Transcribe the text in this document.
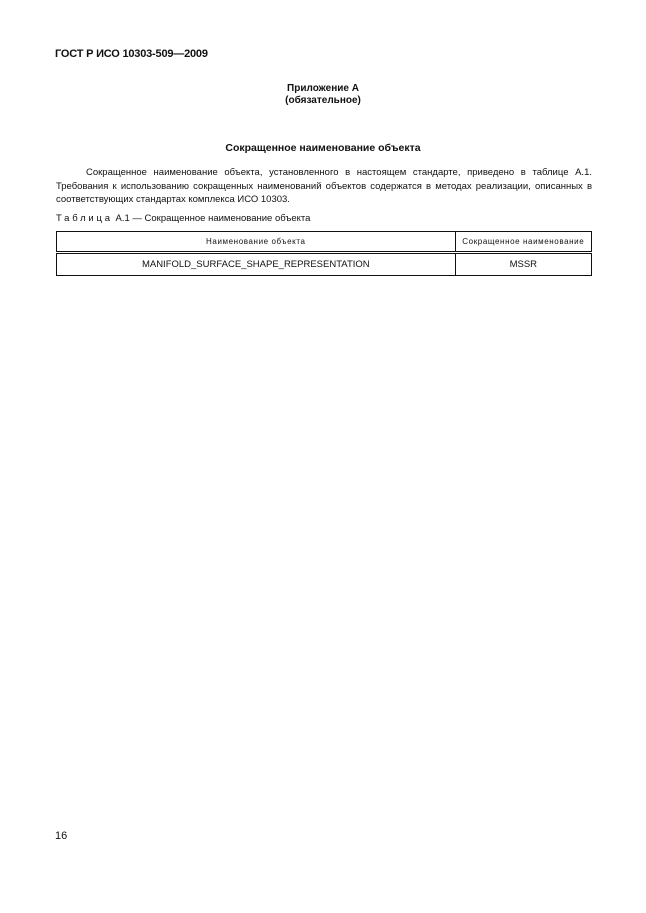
ГОСТ Р ИСО 10303-509—2009
Приложение А
(обязательное)
Сокращенное наименование объекта
Сокращенное наименование объекта, установленного в настоящем стандарте, приведено в таблице А.1. Требования к использованию сокращенных наименований объектов содержатся в методах реализации, описанных в соответствующих стандартах комплекса ИСО 10303.
Таблица А.1 — Сокращенное наименование объекта
Наименование объекта	Сокращенное наименование
MANIFOLD_SURFACE_SHAPE_REPRESENTATION	MSSR
16
